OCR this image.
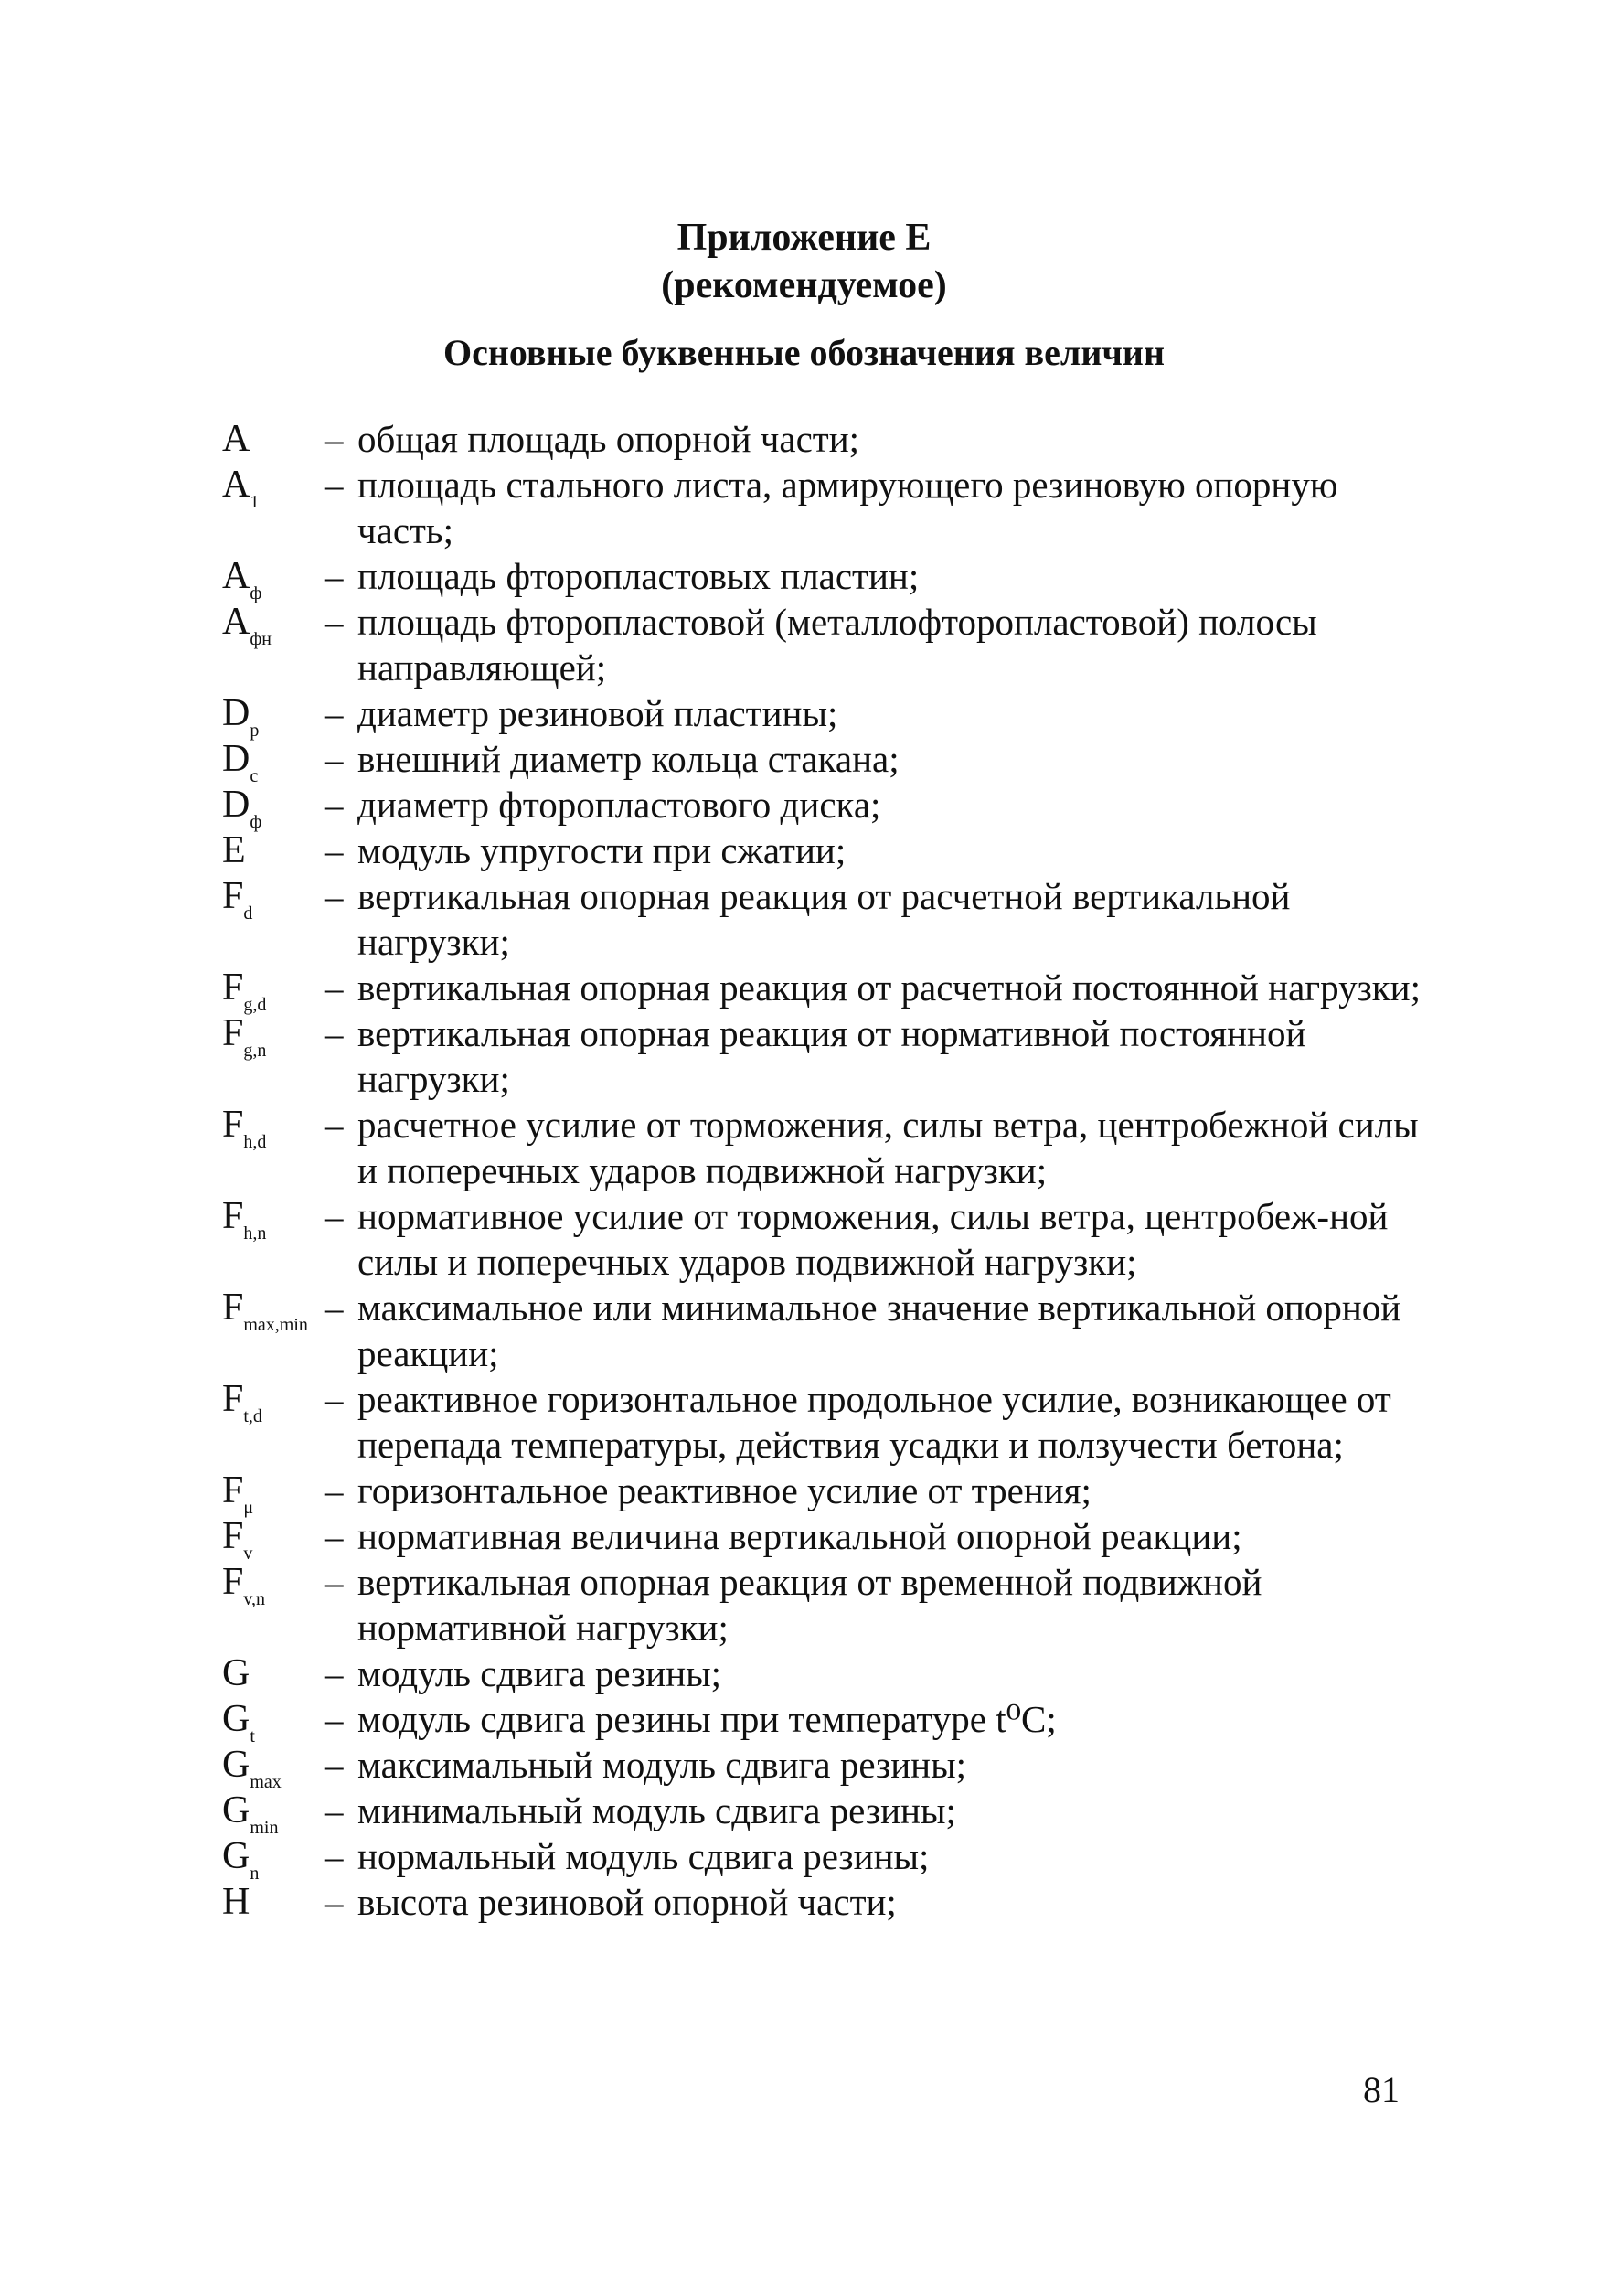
Приложение Е
(рекомендуемое)
Основные буквенные обозначения величин
A	– общая площадь опорной части;
$A_1$	– площадь стального листа, армирующего резиновую опорную часть;
$A_ф$	– площадь фторопластовых пластин;
$A_{фн}$	– площадь фторопластовой (металлофторопластовой) полосы направляющей;
$D_p$	– диаметр резиновой пластины;
$D_c$	– внешний диаметр кольца стакана;
$D_ф$	– диаметр фторопластового диска;
E	– модуль упругости при сжатии;
$F_d$	– вертикальная опорная реакция от расчетной вертикальной нагрузки;
$F_{g,d}$	– вертикальная опорная реакция от расчетной постоянной нагрузки;
$F_{g,n}$	– вертикальная опорная реакция от нормативной постоянной нагрузки;
$F_{h,d}$	– расчетное усилие от торможения, силы ветра, центробежной силы и поперечных ударов подвижной нагрузки;
$F_{h,n}$	– нормативное усилие от торможения, силы ветра, центробеж-ной силы и поперечных ударов подвижной нагрузки;
$F_{max,min}$ – максимальное или минимальное значение вертикальной опорной реакции;
$F_{t,d}$	– реактивное горизонтальное продольное усилие, возникающее от перепада температуры, действия усадки и ползучести бетона;
$F_\mu$	– горизонтальное реактивное усилие от трения;
$F_v$	– нормативная величина вертикальной опорной реакции;
$F_{v,n}$	– вертикальная опорная реакция от временной подвижной нормативной нагрузки;
G	– модуль сдвига резины;
$G_t$	– модуль сдвига резины при температуре t⁰C;
$G_{max}$	– максимальный модуль сдвига резины;
$G_{min}$	– минимальный модуль сдвига резины;
$G_n$	– нормальный модуль сдвига резины;
H	– высота резиновой опорной части;
81
